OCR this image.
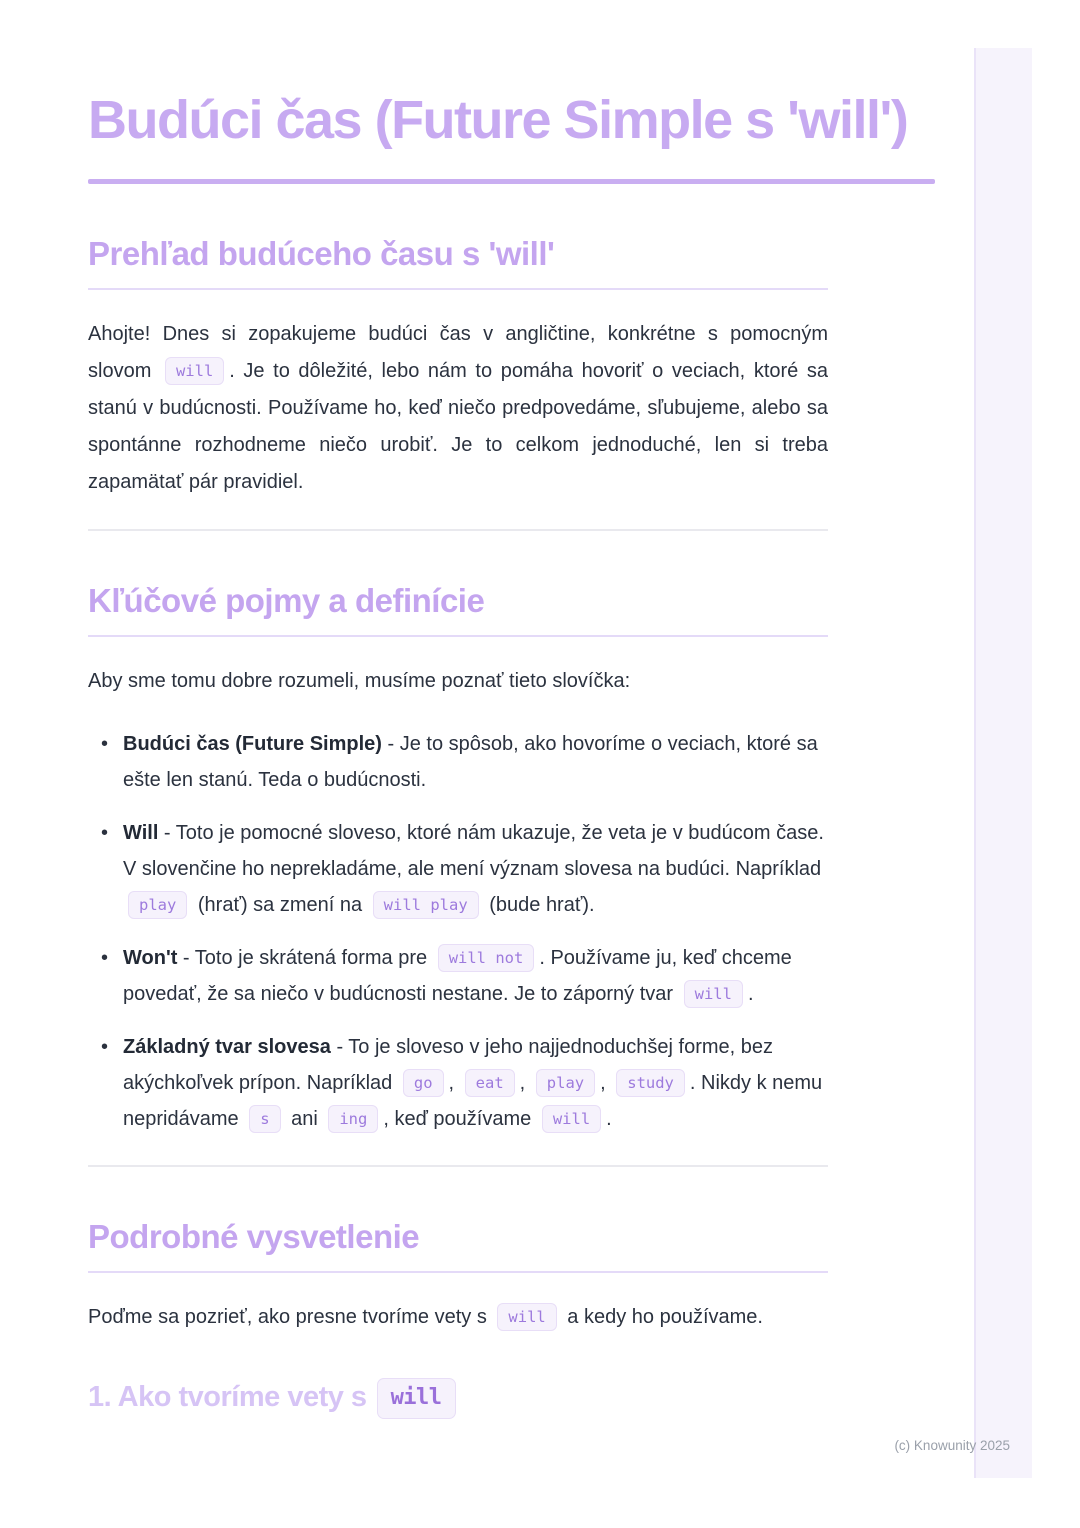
Budúci čas (Future Simple s 'will')
Prehľad budúceho času s 'will'

Ahojte! Dnes si zopakujeme budúci čas v angličtine, konkrétne s pomocným slovom will . Je to dôležité, lebo nám to pomáha hovoriť o veciach, ktoré sa stanú v budúcnosti. Používame ho, keď niečo predpovedáme, sľubujeme, alebo sa spontánne rozhodneme niečo urobiť. Je to celkom jednoduché, len si treba zapamätať pár pravidiel.

Kľúčové pojmy a definície

Aby sme tomu dobre rozumeli, musíme poznať tieto slovíčka:

• Budúci čas (Future Simple) - Je to spôsob, ako hovoríme o veciach, ktoré sa ešte len stanú. Teda o budúcnosti.
• Will - Toto je pomocné sloveso, ktoré nám ukazuje, že veta je v budúcom čase. V slovenčine ho neprekladáme, ale mení význam slovesa na budúci. Napríklad play (hrať) sa zmení na will play (bude hrať).
• Won't - Toto je skrátená forma pre will not . Používame ju, keď chceme povedať, že sa niečo v budúcnosti nestane. Je to záporný tvar will .
• Základný tvar slovesa - To je sloveso v jeho najjednoduchšej forme, bez akýchkoľvek prípon. Napríklad go , eat , play , study . Nikdy k nemu nepridávame s ani ing , keď používame will .
Podrobné vysvetlenie

Poďme sa pozrieť, ako presne tvoríme vety s will a kedy ho používame.

1. Ako tvoríme vety s will
(c) Knowunity 2025
